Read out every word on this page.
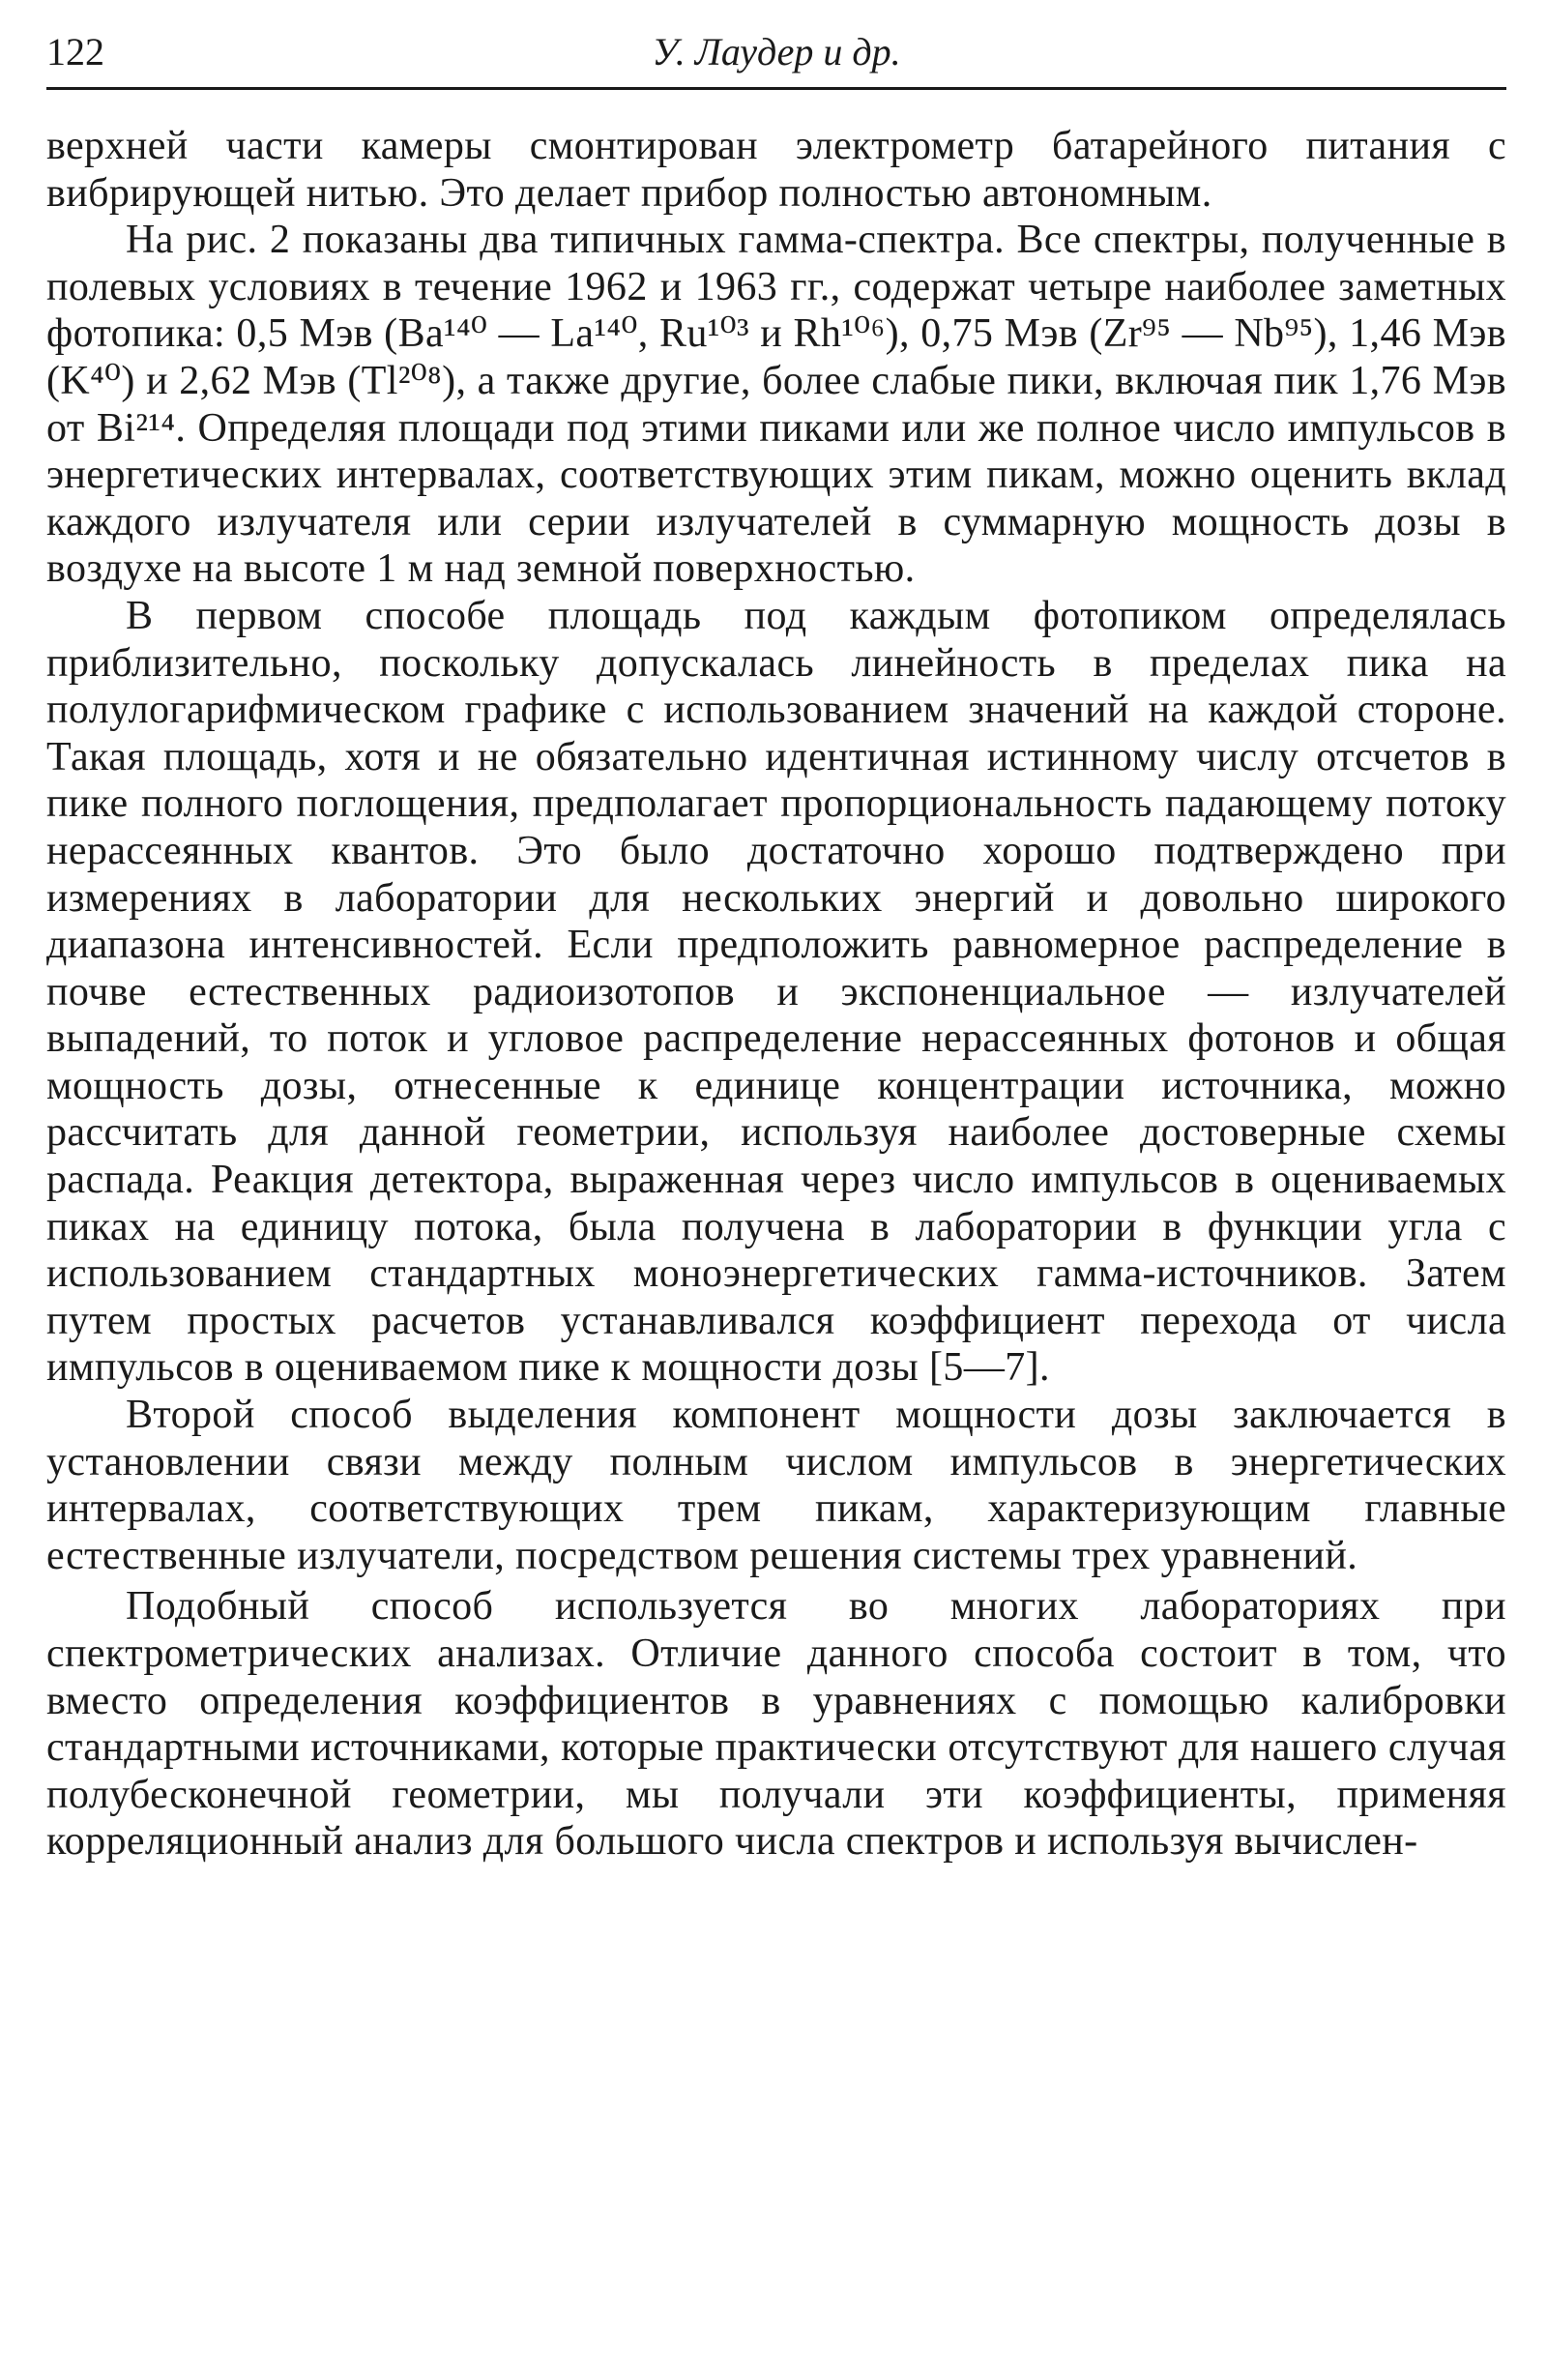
122	У. Лаудер и др.

верхней части камеры смонтирован электрометр батарейного питания с вибрирующей нитью. Это делает прибор полностью автономным.

На рис. 2 показаны два типичных гамма-спектра. Все спектры, полученные в полевых условиях в течение 1962 и 1963 гг., содержат четыре наиболее заметных фотопика: 0,5 Мэв (Ba¹⁴⁰ — La¹⁴⁰, Ru¹⁰³ и Rh¹⁰⁶), 0,75 Мэв (Zr⁹⁵ — Nb⁹⁵), 1,46 Мэв (K⁴⁰) и 2,62 Мэв (Tl²⁰⁸), а также другие, более слабые пики, включая пик 1,76 Мэв от Bi²¹⁴. Определяя площади под этими пиками или же полное число импульсов в энергетических интервалах, соответствующих этим пикам, можно оценить вклад каждого излучателя или серии излучателей в суммарную мощность дозы в воздухе на высоте 1 м над земной поверхностью.

В первом способе площадь под каждым фотопиком определялась приблизительно, поскольку допускалась линейность в пределах пика на полулогарифмическом графике с использованием значений на каждой стороне. Такая площадь, хотя и не обязательно идентичная истинному числу отсчетов в пике полного поглощения, предполагает пропорциональность падающему потоку нерассеянных квантов. Это было достаточно хорошо подтверждено при измерениях в лаборатории для нескольких энергий и довольно широкого диапазона интенсивностей. Если предположить равномерное распределение в почве естественных радиоизотопов и экспоненциальное — излучателей выпадений, то поток и угловое распределение нерассеянных фотонов и общая мощность дозы, отнесенные к единице концентрации источника, можно рассчитать для данной геометрии, используя наиболее достоверные схемы распада. Реакция детектора, выраженная через число импульсов в оцениваемых пиках на единицу потока, была получена в лаборатории в функции угла с использованием стандартных моноэнергетических гамма-источников. Затем путем простых расчетов устанавливался коэффициент перехода от числа импульсов в оцениваемом пике к мощности дозы [5—7].

Второй способ выделения компонент мощности дозы заключается в установлении связи между полным числом импульсов в энергетических интервалах, соответствующих трем пикам, характеризующим главные естественные излучатели, посредством решения системы трех уравнений.

Подобный способ используется во многих лабораториях при спектрометрических анализах. Отличие данного способа состоит в том, что вместо определения коэффициентов в уравнениях с помощью калибровки стандартными источниками, которые практически отсутствуют для нашего случая полубесконечной геометрии, мы получали эти коэффициенты, применяя корреляционный анализ для большого числа спектров и используя вычислен-
